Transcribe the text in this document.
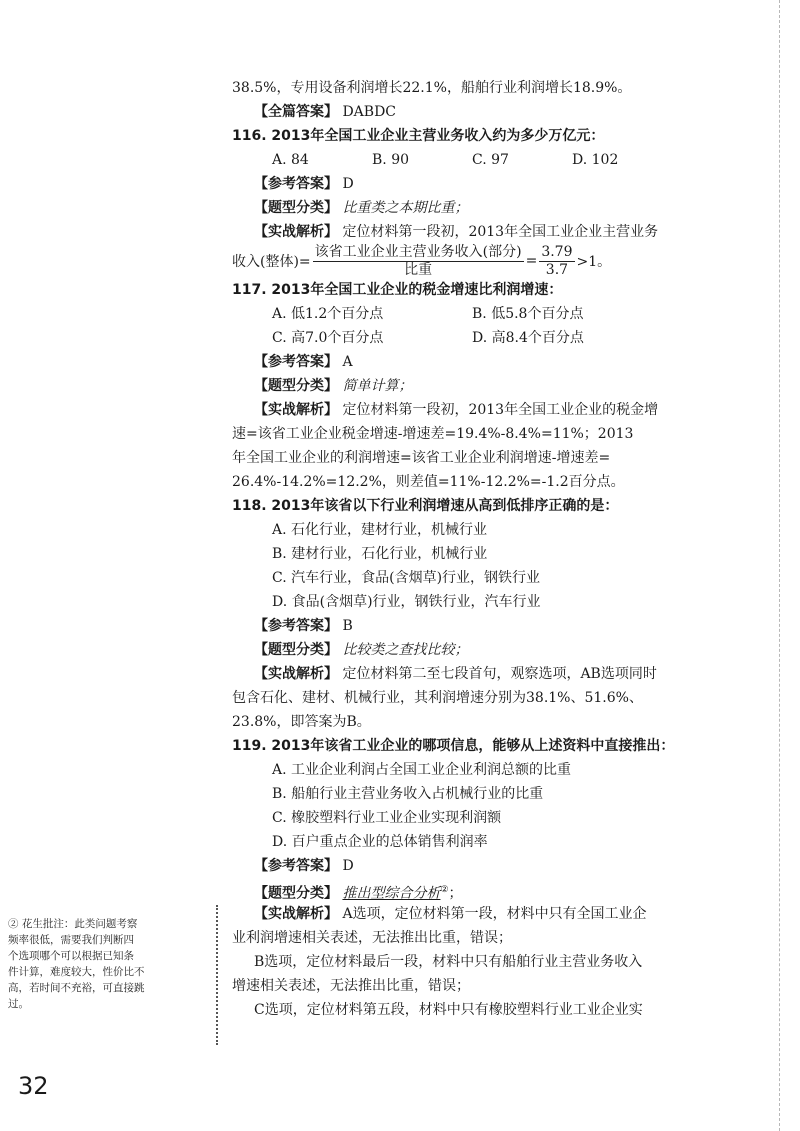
38.5%，专用设备利润增长22.1%，船舶行业利润增长18.9%。
【全篇答案】 DABDC
116. 2013年全国工业企业主营业务收入约为多少万亿元：
A. 84	B. 90	C. 97	D. 102
【参考答案】 D
【题型分类】 比重类之本期比重；
【实战解析】 定位材料第一段初，2013年全国工业企业主营业务
收入(整体)= $\frac{\text{该省工业企业主营业务收入(部分)}}{\text{比重}} = \frac{3.79}{3.7} >1$。
117. 2013年全国工业企业的税金增速比利润增速：
A. 低1.2个百分点	B. 低5.8个百分点
C. 高7.0个百分点	D. 高8.4个百分点
【参考答案】 A
【题型分类】 简单计算；
【实战解析】 定位材料第一段初，2013年全国工业企业的税金增
速=该省工业企业税金增速-增速差=19.4%-8.4%=11%；2013
年全国工业企业的利润增速=该省工业企业利润增速-增速差=
26.4%-14.2%=12.2%，则差值=11%-12.2%=-1.2百分点。
118. 2013年该省以下行业利润增速从高到低排序正确的是：
A. 石化行业，建材行业，机械行业
B. 建材行业，石化行业，机械行业
C. 汽车行业，食品(含烟草)行业，钢铁行业
D. 食品(含烟草)行业，钢铁行业，汽车行业
【参考答案】 B
【题型分类】 比较类之查找比较；
【实战解析】 定位材料第二至七段首句，观察选项，AB选项同时
包含石化、建材、机械行业，其利润增速分别为38.1%、51.6%、
23.8%，即答案为B。
119. 2013年该省工业企业的哪项信息，能够从上述资料中直接推出：
A. 工业企业利润占全国工业企业利润总额的比重
B. 船舶行业主营业务收入占机械行业的比重
C. 橡胶塑料行业工业企业实现利润额
D. 百户重点企业的总体销售利润率
【参考答案】 D
【题型分类】 推出型综合分析②；
【实战解析】 A选项，定位材料第一段，材料中只有全国工业企
业利润增速相关表述，无法推出比重，错误；
B选项，定位材料最后一段，材料中只有船舶行业主营业务收入
增速相关表述，无法推出比重，错误；
C选项，定位材料第五段，材料中只有橡胶塑料行业工业企业实
② 花生批注：此类问题考察
频率很低，需要我们判断四
个选项哪个可以根据已知条
件计算，难度较大，性价比不
高，若时间不充裕，可直接跳
过。
32
